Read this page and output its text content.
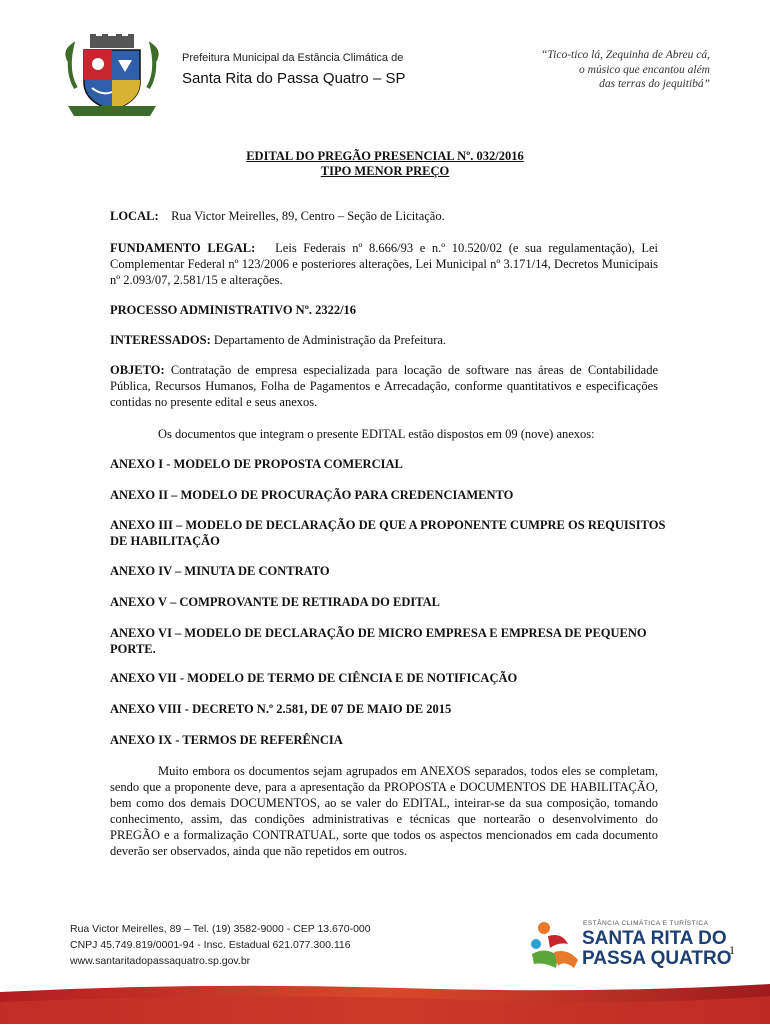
Prefeitura Municipal da Estância Climática de
Santa Rita do Passa Quatro – SP
“Tico-tico lá, Zequinha de Abreu cá,
o músico que encantou além
das terras do jequitibá”
EDITAL DO PREGÃO PRESENCIAL Nº. 032/2016
TIPO MENOR PREÇO
LOCAL: Rua Victor Meirelles, 89, Centro – Seção de Licitação.
FUNDAMENTO LEGAL: Leis Federais nº 8.666/93 e n.º 10.520/02 (e sua regulamentação), Lei Complementar Federal nº 123/2006 e posteriores alterações, Lei Municipal nº 3.171/14, Decretos Municipais nº 2.093/07, 2.581/15 e alterações.
PROCESSO ADMINISTRATIVO Nº. 2322/16
INTERESSADOS: Departamento de Administração da Prefeitura.
OBJETO: Contratação de empresa especializada para locação de software nas áreas de Contabilidade Pública, Recursos Humanos, Folha de Pagamentos e Arrecadação, conforme quantitativos e especificações contidas no presente edital e seus anexos.
Os documentos que integram o presente EDITAL estão dispostos em 09 (nove) anexos:
ANEXO I - MODELO DE PROPOSTA COMERCIAL
ANEXO II – MODELO DE PROCURAÇÃO PARA CREDENCIAMENTO
ANEXO III – MODELO DE DECLARAÇÃO DE QUE A PROPONENTE CUMPRE OS REQUISITOS DE HABILITAÇÃO
ANEXO IV – MINUTA DE CONTRATO
ANEXO V – COMPROVANTE DE RETIRADA DO EDITAL
ANEXO VI – MODELO DE DECLARAÇÃO DE MICRO EMPRESA E EMPRESA DE PEQUENO PORTE.
ANEXO VII - MODELO DE TERMO DE CIÊNCIA E DE NOTIFICAÇÃO
ANEXO VIII - DECRETO N.º 2.581, DE 07 DE MAIO DE 2015
ANEXO IX - TERMOS DE REFERÊNCIA
Muito embora os documentos sejam agrupados em ANEXOS separados, todos eles se completam, sendo que a proponente deve, para a apresentação da PROPOSTA e DOCUMENTOS DE HABILITAÇÃO, bem como dos demais DOCUMENTOS, ao se valer do EDITAL, inteirar-se da sua composição, tomando conhecimento, assim, das condições administrativas e técnicas que nortearão o desenvolvimento do PREGÃO e a formalização CONTRATUAL, sorte que todos os aspectos mencionados em cada documento deverão ser observados, ainda que não repetidos em outros.
Rua Victor Meirelles, 89 – Tel. (19) 3582-9000 - CEP 13.670-000
CNPJ 45.749.819/0001-94 - Insc. Estadual 621.077.300.116
www.santaritadopassaquatro.sp.gov.br
ESTÂNCIA CLIMÁTICA E TURÍSTICA
SANTA RITA DO
PASSA QUATRO
1
